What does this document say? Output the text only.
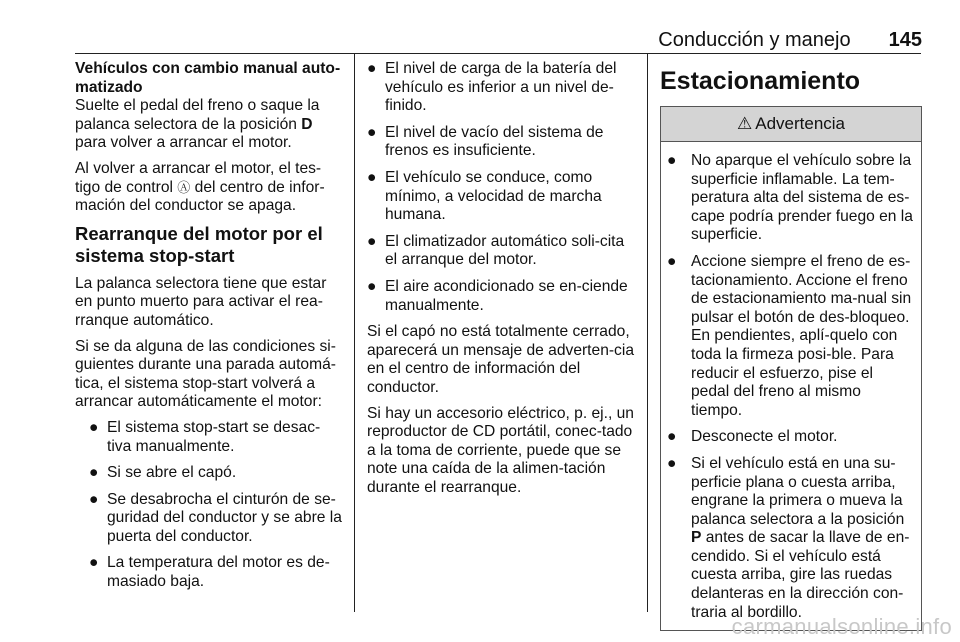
Conducción y manejo 145

Vehículos con cambio manual auto-matizado

Suelte el pedal del freno o saque la palanca selectora de la posición D para volver a arrancar el motor.

Al volver a arrancar el motor, el tes-tigo de control Ⓐ del centro de infor-mación del conductor se apaga.

Rearranque del motor por el sistema stop-start

La palanca selectora tiene que estar en punto muerto para activar el rea-rranque automático.

Si se da alguna de las condiciones si-guientes durante una parada automá-tica, el sistema stop-start volverá a arrancar automáticamente el motor:

● El sistema stop-start se desac-tiva manualmente.
● Si se abre el capó.
● Se desabrocha el cinturón de se-guridad del conductor y se abre la puerta del conductor.
● La temperatura del motor es de-masiado baja.
● El nivel de carga de la batería del vehículo es inferior a un nivel de-finido.
● El nivel de vacío del sistema de frenos es insuficiente.
● El vehículo se conduce, como mínimo, a velocidad de marcha humana.
● El climatizador automático soli-cita el arranque del motor.
● El aire acondicionado se en-ciende manualmente.

Si el capó no está totalmente cerrado, aparecerá un mensaje de adverten-cia en el centro de información del conductor.

Si hay un accesorio eléctrico, p. ej., un reproductor de CD portátil, conec-tado a la toma de corriente, puede que se note una caída de la alimen-tación durante el rearranque.

Estacionamiento
⚠ Advertencia
● No aparque el vehículo sobre la superficie inflamable. La tem-peratura alta del sistema de es-cape podría prender fuego en la superficie.
● Accione siempre el freno de es-tacionamiento. Accione el freno de estacionamiento ma-nual sin pulsar el botón de des-bloqueo. En pendientes, aplí-quelo con toda la firmeza posi-ble. Para reducir el esfuerzo, pise el pedal del freno al mismo tiempo.
● Desconecte el motor.
● Si el vehículo está en una su-perficie plana o cuesta arriba, engrane la primera o mueva la palanca selectora a la posición P antes de sacar la llave de en-cendido. Si el vehículo está cuesta arriba, gire las ruedas delanteras en la dirección con-traria al bordillo.
carmanualsonline.info
